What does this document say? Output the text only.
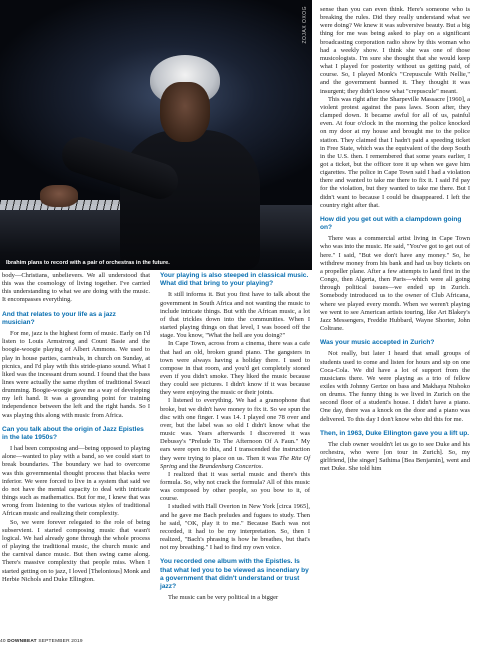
ZOJAX OXOG
Ibrahim plans to record with a pair of orchestras in the future.

body—Christians, unbelievers. We all understood that this was the cosmology of living together. I've carried this understanding to what we are doing with the music. It encompasses everything.

And that relates to your life as a jazz musician?

For me, jazz is the highest form of music. Early on I'd listen to Louis Armstrong and Count Basie and the boogie-woogie playing of Albert Ammons. We used to play in house parties, carnivals, in church on Sunday, at picnics, and I'd play with this stride-piano sound. What I liked was the incessant drum sound. I found that the bass lines were actually the same rhythm of traditional Swazi drumming. Boogie-woogie gave me a way of developing my left hand. It was a grounding point for training independence between the left and the right hands. So I was playing this along with music from Africa.

Can you talk about the origin of Jazz Epistles in the late 1950s?

I had been composing and—being opposed to playing alone—wanted to play with a band, so we could start to break boundaries. The boundary we had to overcome was this governmental thought process that blacks were inferior. We were forced to live in a system that said we do not have the mental capacity to deal with intricate things such as mathematics. But for me, I knew that was wrong from listening to the various styles of traditional African music and realizing their complexity.

So, we were forever relegated to the role of being subservient. I started composing music that wasn't logical. We had already gone through the whole process of playing the traditional music, the church music and the carnival dance music. But then swing came along. There's massive complexity that people miss. When I started getting on to jazz, I loved [Thelonious] Monk and Herbie Nichols and Duke Ellington.

Your playing is also steeped in classical music. What did that bring to your playing?

It still informs it. But you first have to talk about the government in South Africa and not wanting the music to include intricate things. But with the African music, a lot of that trickles down into the communities. When I started playing things on that level, I was booed off the stage. You know, "What the hell are you doing?"

In Cape Town, across from a cinema, there was a cafe that had an old, broken grand piano. The gangsters in town were always having a holiday there. I used to compose in that room, and you'd get completely stoned even if you didn't smoke. They liked the music because they could see pictures. I didn't know if it was because they were enjoying the music or their joints.

I listened to everything. We had a gramophone that broke, but we didn't have money to fix it. So we spun the disc with one finger. I was 14. I played one 78 over and over, but the label was so old I didn't know what the music was. Years afterwards I discovered it was Debussy's "Prelude To The Afternoon Of A Faun." My ears were open to this, and I transcended the instruction they were trying to place on us. Then it was The Rite Of Spring and the Brandenburg Concertos.

I realized that it was serial music and there's this formula. So, why not crack the formula? All of this music was composed by other people, so you bow to it, of course.

I studied with Hall Overton in New York [circa 1965], and he gave me Bach preludes and fugues to study. Then he said, "OK, play it to me." Because Bach was not recorded, it had to be my interpretation. So, then I realized, "Bach's phrasing is how he breathes, but that's not my breathing." I had to find my own voice.

You recorded one album with the Epistles. Is that what led you to be viewed as incendiary by a government that didn't understand or trust jazz?

The music can be very political in a bigger

sense than you can even think. Here's someone who is breaking the rules. Did they really understand what we were doing? We knew it was subversive beauty. But a big thing for me was being asked to play on a significant broadcasting corporation radio show by this woman who had a weekly show. I think she was one of those musicologists. I'm sure she thought that she would keep what I played for posterity without us getting paid, of course. So, I played Monk's "Crepuscule With Nellie," and the government banned it. They thought it was insurgent; they didn't know what "crepuscule" meant.

This was right after the Sharpeville Massacre [1960], a violent protest against the pass laws. Soon after, they clamped down. It became awful for all of us, painful even. At four o'clock in the morning the police knocked on my door at my house and brought me to the police station. They claimed that I hadn't paid a speeding ticket in Free State, which was the equivalent of the deep South in the U.S. then. I remembered that some years earlier, I got a ticket, but the officer tore it up when we gave him cigarettes. The police in Cape Town said I had a violation there and wanted to take me there to fix it. I said I'd pay for the violation, but they wanted to take me there. But I didn't want to because I could be disappeared. I left the country right after that.

How did you get out with a clampdown going on?

There was a commercial artist living in Cape Town who was into the music. He said, "You've got to get out of here." I said, "But we don't have any money." So, he withdrew money from his bank and had us buy tickets on a propeller plane. After a few attempts to land first in the Congo, then Algeria, then Paris—which were all going through political issues—we ended up in Zurich. Somebody introduced us to the owner of Club Africana, where we played every month. When we weren't playing we went to see American artists touring, like Art Blakey's Jazz Messengers, Freddie Hubbard, Wayne Shorter, John Coltrane.

Was your music accepted in Zurich?

Not really, but later I heard that small groups of students used to come and listen for hours and sip on one Coca-Cola. We did have a lot of support from the musicians there. We were playing as a trio of fellow exiles with Johnny Gertze on bass and Makhaya Ntshoko on drums. The funny thing is we lived in Zurich on the second floor of a student's house. I didn't have a piano. One day, there was a knock on the door and a piano was delivered. To this day I don't know who did this for me.

Then, in 1963, Duke Ellington gave you a lift up.

The club owner wouldn't let us go to see Duke and his orchestra, who were [on tour in Zurich]. So, my girlfriend, [the singer] Sathima [Bea Benjamin], went and met Duke. She told him

40 DOWNBEAT SEPTEMBER 2019
